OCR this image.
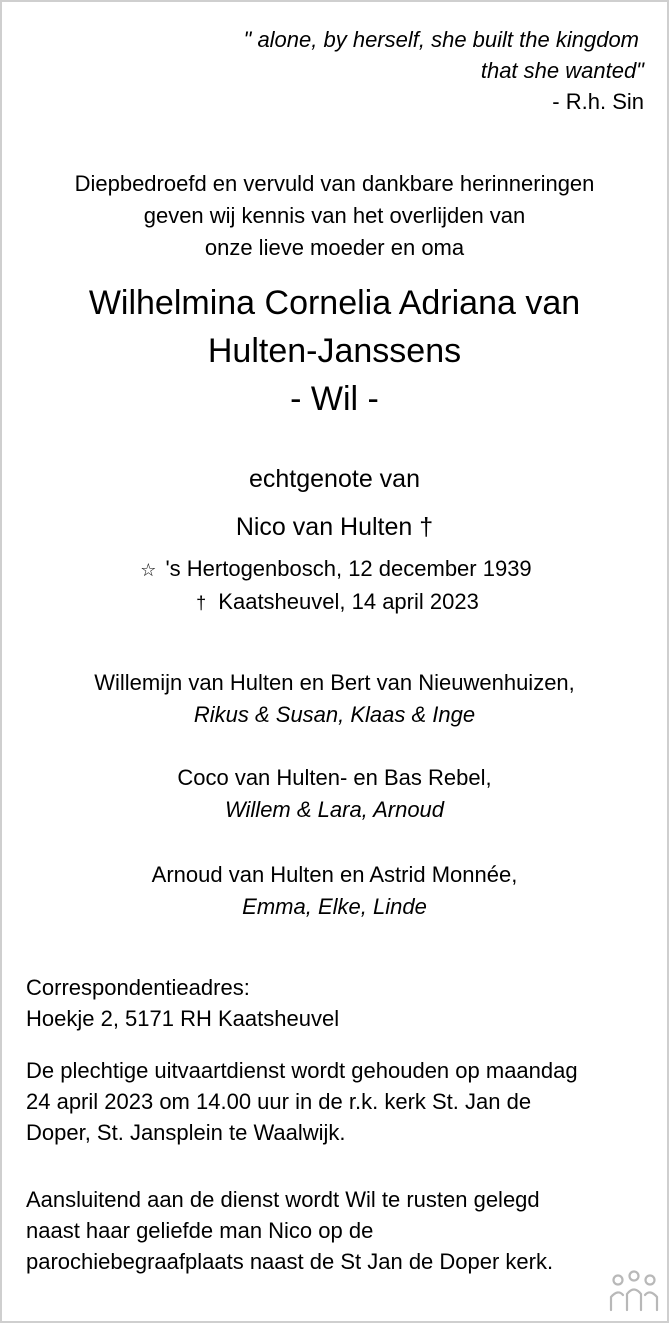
" alone, by herself, she built the kingdom
that she wanted"
- R.h. Sin
Diepbedroefd en vervuld van dankbare herinneringen
geven wij kennis van het overlijden van
onze lieve moeder en oma
Wilhelmina Cornelia Adriana van
Hulten-Janssens
- Wil -
echtgenote van
Nico van Hulten †
☆ 's Hertogenbosch, 12 december 1939
† Kaatsheuvel, 14 april 2023
Willemijn van Hulten en Bert van Nieuwenhuizen,
Rikus & Susan, Klaas & Inge
Coco van Hulten- en Bas Rebel,
Willem & Lara, Arnoud
Arnoud van Hulten en Astrid Monnée,
Emma, Elke, Linde
Correspondentieadres:
Hoekje 2, 5171 RH Kaatsheuvel
De plechtige uitvaartdienst wordt gehouden op maandag
24 april 2023 om 14.00 uur in de r.k. kerk St. Jan de
Doper, St. Jansplein te Waalwijk.
Aansluitend aan de dienst wordt Wil te rusten gelegd
naast haar geliefde man Nico op de
parochiebegraafplaats naast de St Jan de Doper kerk.
